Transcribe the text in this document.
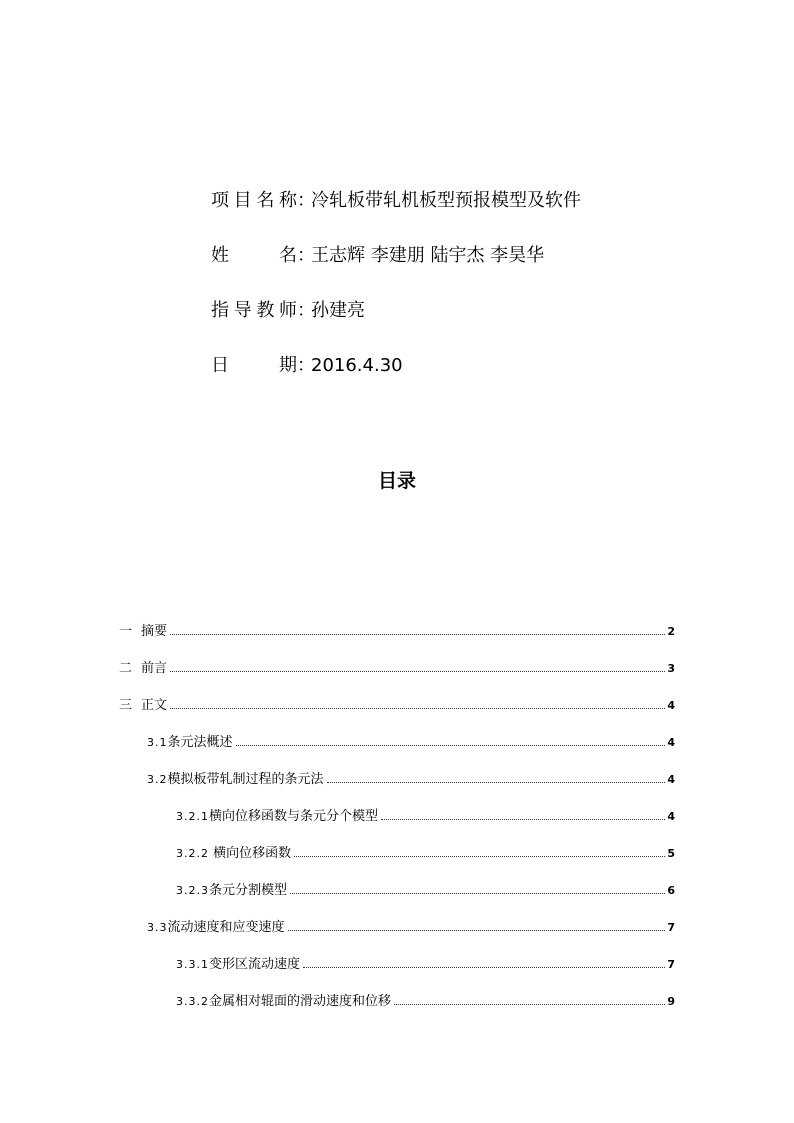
项目名称 ：
冷轧板带轧机板型预报模型及软件
姓名 ：
王志辉 李建朋 陆宇杰 李昊华
指导教师 ：
孙建亮
日期 ：
2016.4.30
目录
一 摘要	2
二 前言	3
三 正文	4
3.1 条元法概述	4
3.2 模拟板带轧制过程的条元法	4
3.2.1 横向位移函数与条元分个模型	4
3.2.2 横向位移函数	5
3.2.3 条元分割模型	6
3.3 流动速度和应变速度	7
3.3.1 变形区流动速度	7
3.3.2 金属相对辊面的滑动速度和位移	9
